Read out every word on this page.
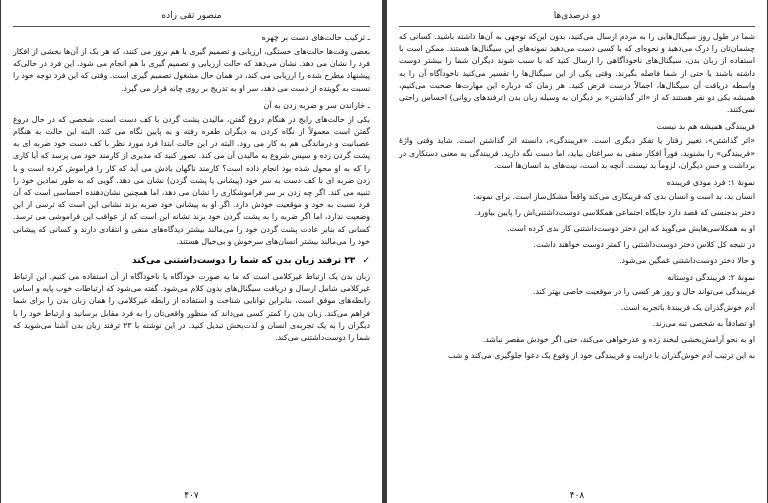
منصور تقی زاده
ـ ترکیب حالت‌های دست بر چهره

بعضی وقت‌ها حالت‌های خستگی، ارزیابی و تصمیم گیری با هم بروز می کنند، که هر یک از آن‌ها بخشی از افکار فرد را نشان می دهد. نشان می‌دهد که حالت ارزیابی و تصمیم گیری با هم انجام می شود. این فرد در حالی‌که پیشنهاد مطرح شده را ارزیابی می کند، در همان حال مشغول تصمیم گیری است. وقتی که این فرد توجه خود را نسبت به گوینده از دست می دهد، سر او به تدریج بر روی چانه قرار می گیرد.

ـ خاراندن سر و ضربه زدن به آن

یکی از حالت‌های رایج در هنگام دروغ گفتن، مالیدن پشت گردن با کف دست است. شخصی که در حال دروغ گفتن است معمولاً از نگاه کردن به دیگران طفره رفته و به پایین نگاه می کند. البته این حالت به هنگام عصبانیت و درماندگی هم به کار می رود. البته در این حالت ابتدا فرد مورد نظر با کف دست خود ضربه ای به پشت گردن زده و سپس شروع به مالیدن آن می کند. تصور کنید که مدیری از کارمند خود می پرسد که آیا کاری را که به او محول شده بود انجام داده است؟ کارمند ناگهان یادش می آید که کار را فراموش کرده است و با زدن ضربه ای با کف دست به سر خود (پیشانی یا پشت گردن) نشان می دهد. گویی که به طور نمادین خود را تنبیه می کند. اگر چه زدن بر سر فراموشکاری را نشان می دهد، اما همچنین نشان‌دهنده احساسی است که آن فرد نسبت به خود و موقعیت خودش دارد. اگر او به پیشانی خود ضربه بزند نشانی این است که ترسی از این وضعیت ندارد، اما اگر ضربه را به پشت گردن خود بزند نشانه این است که از عواقب این فراموشی می ترسد. کسانی که بنابر عادت پشت گردن خود را می‌مالند بیشتر دیدگاه‌های منفی و انتقادی دارند و کسانی که پیشانی خود را می‌مالند بیشتر انسان‌های سرخوش و بی‌خیال هستند.

✓ ۲۳ ترفند زبان بدن که شما را دوست‌داشتنی می‌کند

زبان بدن یک ارتباط غیرکلامی است که ما به صورت خودآگاه یا ناخودآگاه از آن استفاده می کنیم. این ارتباط غیرکلامی شامل ارسال و دریافت سیگنال‌های بدون کلام می‌شود. گفته می‌شود که ارتباطات خوب پایه و اساس رابطه‌های موفق است، بنابراین توانایی شناخت و استفاده از رابطه غیرکلامی را همان زبان بدن را برای شما فراهم می‌کند. زبان بدن را کمتر کسی می‌داند که منظور واقعی‌تان را به فرد مقابل برسانید و ارتباط خود را با دیگران را به یک تجربه‌ی انسان و لذت‌بخش تبدیل کنید. در این نوشته با ۲۳ ترفند زبان بدن آشنا می‌شوید که شما را دوست‌داشتنی می‌کند.

۴۰۷
دو درصدی‌ها

شما در طول روز سیگنال‌هایی را به مردم ارسال می‌کنید، بدون این‌که توجهی به آن‌ها داشته باشید. کسانی که چشمان‌تان را درک می‌دهید و نحوه‌ای که با کسی دست می‌دهید نمونه‌های این سیگنال‌ها هستند. ممکن است با استفاده از زبان بدن، سیگنال‌های ناخودآگاهی را ارسال کنید که با سبب شوند دیگران شما را بیشتر دوست داشته باشند یا حتی از شما فاصله بگیرند. وقتی یکی از این سیگنال‌ها را تفسیر می‌کنید ناخودآگاه آن را به واسطه دریافت آن سیگنال‌ها، اجمالاً درست فرض کنید. هر زمان که درباره این مهارت‌ها صحبت می‌کنیم، همیشه یکی دو نفر هستند که از «اثر گذاشتن» بر دیگران به وسیله زبان بدن (ترفندهای روانی) احساس راحتی نمی‌کنند.

فریبندگی همیشه هم بد نیست

«اثر گذاشتن»، تغییر رفتار یا تفکر دیگری است. «فریبندگی»، دانسته اثر گذاشتن است. شاید وقتی واژهٔ «فریبندگی» را بشنوید، فوراً افکار منفی به سراغتان بیاید، اما دست نگه دارید. فریبندگی به معنی دستکاری در برداشت و حس دیگران، لزوماً بد نیست. آنچه بد است، نیت‌های بد انسان‌ها است.

نمونهٔ ۱: فرد موذی فریبنده

انسان بد، بد است و انسان بدی که فریبکاری می‌کند واقعاً مشکل‌ساز است. برای نمونه:

دختر بدجنسی که قصد دارد جایگاه اجتماعی همکلاسی دوست‌داشتنی‌اش را پایین بیاورد.

او به همکلاسی‌هایش می‌گوید که این دختر دوست‌داشتنی کار بدی کرده است.

در نتیجه کل کلاس دختر دوست‌داشتنی را کمتر دوست خواهند داشت.

و حالا دختر دوست‌داشتنی غمگین می‌شود.

نمونهٔ ۲: فریبندگی دوستانه

فریبندگی می‌تواند حال و روز هر کسی را در موقعیت خاصی بهتر کند.

آدم خوش‌گذران یک فریبندهٔ باتجربه است.

او تصادفاً به شخصی تنه می‌زند.

او به نحو آرامش‌بخشی لبخند زده و عذرخواهی می‌کند، حتی اگر خودش مقصر نباشد.

به این ترتیب آدم خوش‌گذران با درایت و فریبندگی خود از وقوع یک دعوا جلوگیری می‌کند و شب

۴۰۸
